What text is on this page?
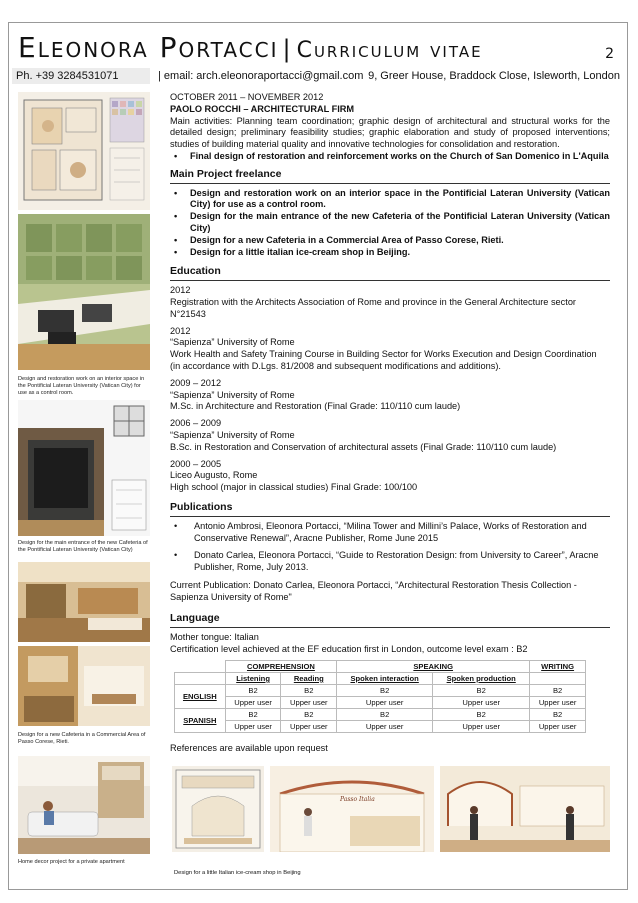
Eleonora Portacci | Curriculum vitae	2
Ph. +39 3284531071	| email: arch.eleonoraportacci@gmail.com 9, Greer House, Braddock Close, Isleworth, London
Design and restoration work on an interior space in the Pontificial Lateran University (Vatican City) for use as a control room.
Design for the main entrance of the new Cafeteria of the Pontificial Lateran University (Vatican City)
Design for a new Cafeteria in a Commercial Area of Passo Corese, Rieti.
Home decor project for a private apartment

OCTOBER 2011 – NOVEMBER 2012

PAOLO ROCCHI – ARCHITECTURAL FIRM

Main activities: Planning team coordination; graphic design of architectural and structural works for the detailed design; preliminary feasibility studies; graphic elaboration and study of proposed interventions; studies of building material quality and innovative technologies for consolidation and restoration.

• Final design of restoration and reinforcement works on the Church of San Domenico in L'Aquila

Main Project freelance

• Design and restoration work on an interior space in the Pontificial Lateran University (Vatican City) for use as a control room.

• Design for the main entrance of the new Cafeteria of the Pontificial Lateran University (Vatican City)

• Design for a new Cafeteria in a Commercial Area of Passo Corese, Rieti.

• Design for a little italian ice-cream shop in Beijing.

Education

2012

Registration with the Architects Association of Rome and province in the General Architecture sector N°21543

2012

“Sapienza” University of Rome

Work Health and Safety Training Course in Building Sector for Works Execution and Design Coordination

(in accordance with D.Lgs. 81/2008 and subsequent modifications and additions).

2009 – 2012

“Sapienza” University of Rome

M.Sc. in Architecture and Restoration (Final Grade: 110/110 cum laude)

2006 – 2009

“Sapienza” University of Rome

B.Sc. in Restoration and Conservation of architectural assets (Final Grade: 110/110 cum laude)

2000 – 2005

Liceo Augusto, Rome

High school (major in classical studies) Final Grade: 100/100

Publications

• Antonio Ambrosi, Eleonora Portacci, “Milina Tower and Millini’s Palace, Works of Restoration and Conservative Renewal”, Aracne Publisher, Rome June 2015

• Donato Carlea, Eleonora Portacci, “Guide to Restoration Design: from University to Career”, Aracne Publisher, Rome, July 2013.

Current Publication: Donato Carlea, Eleonora Portacci, “Architectural Restoration Thesis Collection - Sapienza University of Rome"

Language

Mother tongue: Italian

Certification level achieved at the EF education first in London, outcome level exam : B2

	COMPREHENSION		SPEAKING		WRITING
	Listening	Reading	Spoken interaction	Spoken production	
ENGLISH	B2	B2	B2	B2	B2
	Upper user	Upper user	Upper user	Upper user	Upper user
SPANISH	B2	B2	B2	B2	B2
	Upper user	Upper user	Upper user	Upper user	Upper user

References are available upon request

Passo Italia
Design for a little Italian ice-cream shop in Beijing
